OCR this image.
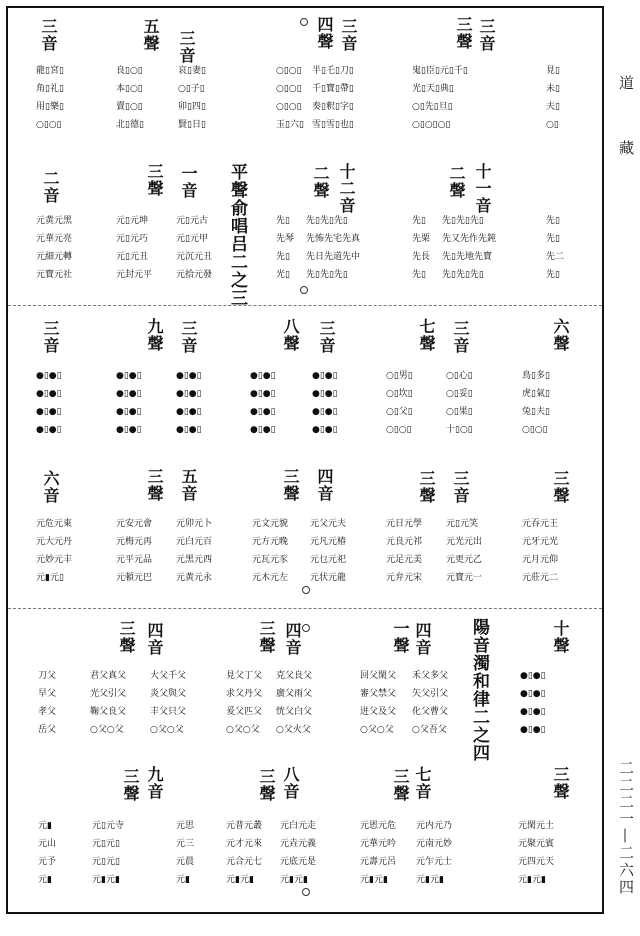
道
藏
二二二一—二六四
三音
龍▯宮▯
角▯礼▯
用▯樂▯
○▯○▯
五聲
良▯○▯
本▯○▯
賣▯○▯
北▯德▯
三音
哀▯妻▯
○▯子▯
卯▯四▯
賢▯日▯
四聲
○▯○▯
○▯○▯
○▯○▯
玉▯六▯
三音
半▯乇▯刀▯
千▯寶▯帶▯
奏▯釈▯字▯
雪▯雪▯也▯
三聲
鬼▯臣▯元▯千▯
光▯天▯典▯
○▯先▯旦▯
○▯○▯○▯
三音
見▯
未▯
夫▯
○▯
二音
元黄元黑
元華元亮
元細元轉
元寶元社
三聲
元▯元坤
元▯元巧
元▯元丑
元封元平
一音
元▯元古
元▯元甲
元沉元丑
元拾元發 平聲俞唱吕二之三	二聲
先▯
先琴
先▯
光▯
十二音
先▯先▯先▯
先怖先宅先真
先日先道先中
先▯先▯先▯
二聲
先▯
先栗
先長
先▯
十一音
先▯先▯先▯
先又先作先鈍
先▯先地先寶
先▯先▯先▯
先▯
先▯
先二
先▯
三音
●▯●▯
●▯●▯
●▯●▯
●▯●▯
九聲
●▯●▯
●▯●▯
●▯●▯
●▯●▯
三音
●▯●▯
●▯●▯
●▯●▯
●▯●▯
八聲
●▯●▯
●▯●▯
●▯●▯
●▯●▯
三音
●▯●▯
●▯●▯
●▯●▯
●▯●▯
七聲
○▯男▯
○▯坎▯
○▯父▯
○▯○▯
三音
○▯心▯
○▯妥▯
○▯果▯
十▯○▯
六聲
鳥▯多▯
虎▯氣▯
兔▯夫▯
○▯○▯
六音
元危元東
元大元丹
元妙元丰
元▮元▯
三聲
元安元會
元梅元再
元平元品
元頓元巴
五音
元卯元卜
元白元百
元黑元西
元黄元永
三聲
元文元貌
元方元晚
元瓦元豕
元木元左
四音
元父元夫
元凡元椿
元乜元祀
元状元龍
三聲
元日元學
元良元祁
元足元美
元弁元宋
三音
元▯元笑
元光元出
元更元乙
元寶元一
三聲
元吞元王
元牙元光
元月元仰
元莊元二
刀父
早父
孝父
岳父
三聲
君父真父
光父引父
鞠父良父
○父○父
四音
大父千父
炎父與父
丰父只父
○父○父
三聲
見父丁父
求父丹父
爰父匹父
○父○父
四音
克父良父
廣父雨父
恍父白父
○父火父
一聲
回父閑父
審父禁父
迸父及父
○父○父
四音
禾父多父
矢父引父
化父曹父
○父吾父 陽音濁和律二之四	十聲
●▯●▯
●▯●▯
●▯●▯
●▯●▯
元▮
元山
元予
元▮
三聲
元▯元寺
元▯元▯
元▯元▯
元▮元▮
九音
元思
元三
元晨
元▮
三聲
元普元叢
元才元來
元合元七
元▮元▮
八音
元白元走
元垚元義
元底元是
元▮元▮
三聲
元恩元危
元華元吟
元壽元呂
元▮元▮
七音
元内元乃
元南元妙
元乍元士
元▮元▮
三聲
元閑元土
元聚元賓
元四元天
元▮元▮
